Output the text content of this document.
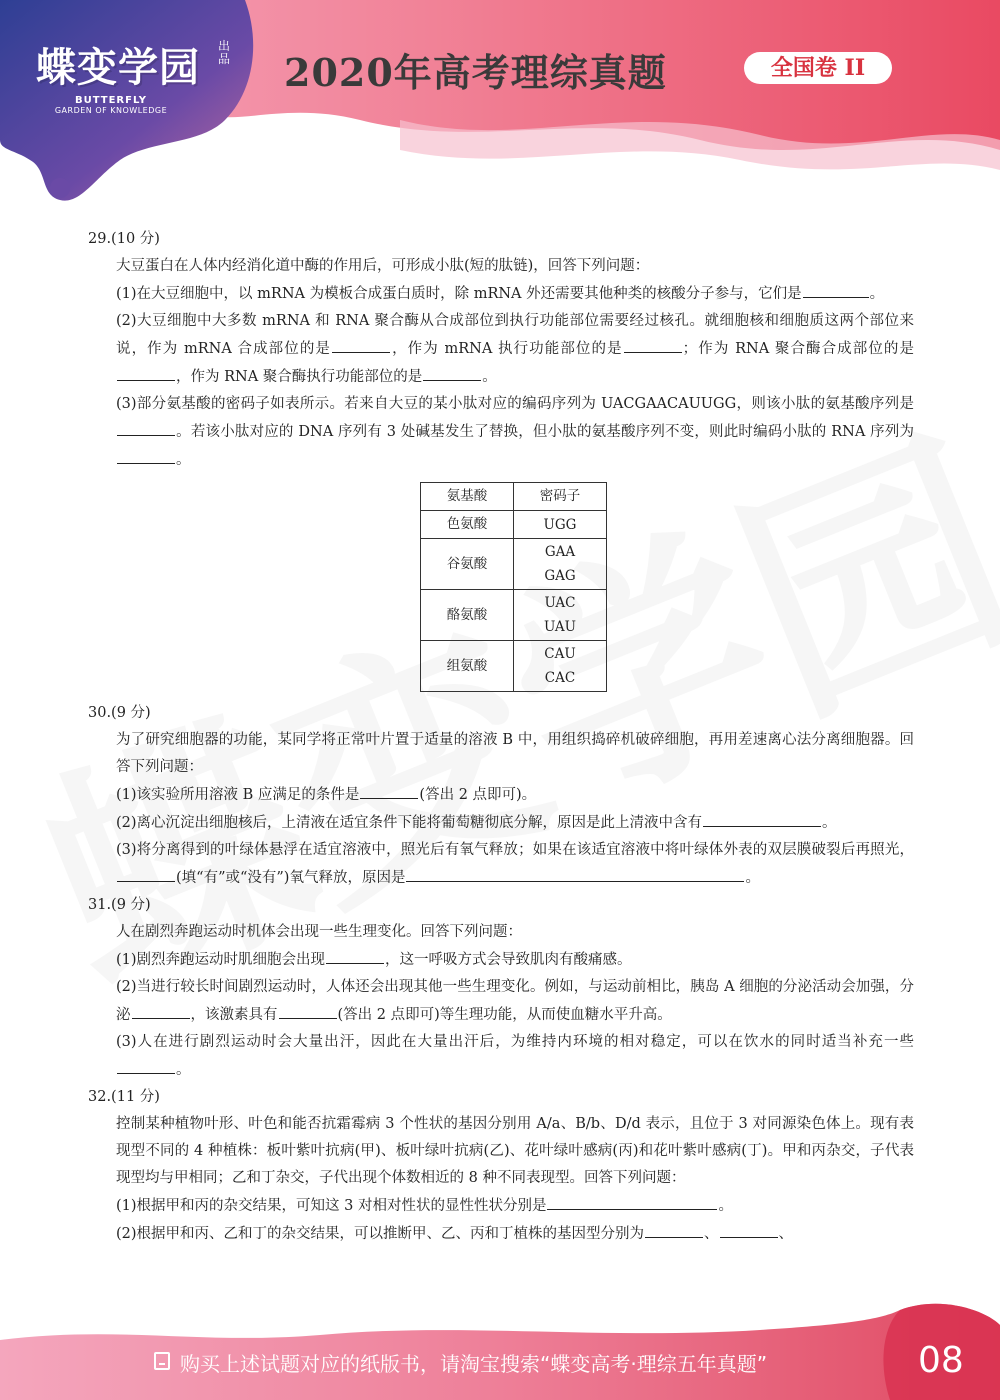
蝶变学园	出品
BUTTERFLY
GARDEN OF KNOWLEDGE
2020年高考理综真题	全国卷 II

29.(10 分)

大豆蛋白在人体内经消化道中酶的作用后，可形成小肽(短的肽链)，回答下列问题：

(1)在大豆细胞中，以 mRNA 为模板合成蛋白质时，除 mRNA 外还需要其他种类的核酸分子参与，它们是	。

(2)大豆细胞中大多数 mRNA 和 RNA 聚合酶从合成部位到执行功能部位需要经过核孔。就细胞核和细胞质这两个部位来说，作为 mRNA 合成部位的是	，作为 mRNA 执行功能部位的是	；作为 RNA 聚合酶合成部位的是，作为 RNA 聚合酶执行功能部位的是	。

(3)部分氨基酸的密码子如表所示。若来自大豆的某小肽对应的编码序列为 UACGAACAUUGG，则该小肽的氨基酸序列是。若该小肽对应的 DNA 序列有 3 处碱基发生了替换，但小肽的氨基酸序列不变，则此时编码小肽的 RNA 序列为。

氨基酸	密码子
色氨酸	UGG

谷氨酸	GAA
GAG

酪氨酸	UAC
UAU

组氨酸	CAU
CAC

30.(9 分)

为了研究细胞器的功能，某同学将正常叶片置于适量的溶液 B 中，用组织捣碎机破碎细胞，再用差速离心法分离细胞器。回答下列问题：

(1)该实验所用溶液 B 应满足的条件是	(答出 2 点即可)。

(2)离心沉淀出细胞核后，上清液在适宜条件下能将葡萄糖彻底分解，原因是此上清液中含有	。

(3)将分离得到的叶绿体悬浮在适宜溶液中，照光后有氧气释放；如果在该适宜溶液中将叶绿体外表的双层膜破裂后再照光，(填“有”或“没有”)氧气释放，原因是	。

31.(9 分)

人在剧烈奔跑运动时机体会出现一些生理变化。回答下列问题：

(1)剧烈奔跑运动时肌细胞会出现	，这一呼吸方式会导致肌肉有酸痛感。

(2)当进行较长时间剧烈运动时，人体还会出现其他一些生理变化。例如，与运动前相比，胰岛 A 细胞的分泌活动会加强，分泌	，该激素具有	(答出 2 点即可)等生理功能，从而使血糖水平升高。

(3)人在进行剧烈运动时会大量出汗，因此在大量出汗后，为维持内环境的相对稳定，可以在饮水的同时适当补充一些。

32.(11 分)

控制某种植物叶形、叶色和能否抗霜霉病 3 个性状的基因分别用 A/a、B/b、D/d 表示，且位于 3 对同源染色体上。现有表现型不同的 4 种植株：板叶紫叶抗病(甲)、板叶绿叶抗病(乙)、花叶绿叶感病(丙)和花叶紫叶感病(丁)。甲和丙杂交，子代表现型均与甲相同；乙和丁杂交，子代出现个体数相近的 8 种不同表现型。回答下列问题：

(1)根据甲和丙的杂交结果，可知这 3 对相对性状的显性性状分别是	。

(2)根据甲和丙、乙和丁的杂交结果，可以推断甲、乙、丙和丁植株的基因型分别为	、	、

购买上述试题对应的纸版书，请淘宝搜索“蝶变高考·理综五年真题”	08
